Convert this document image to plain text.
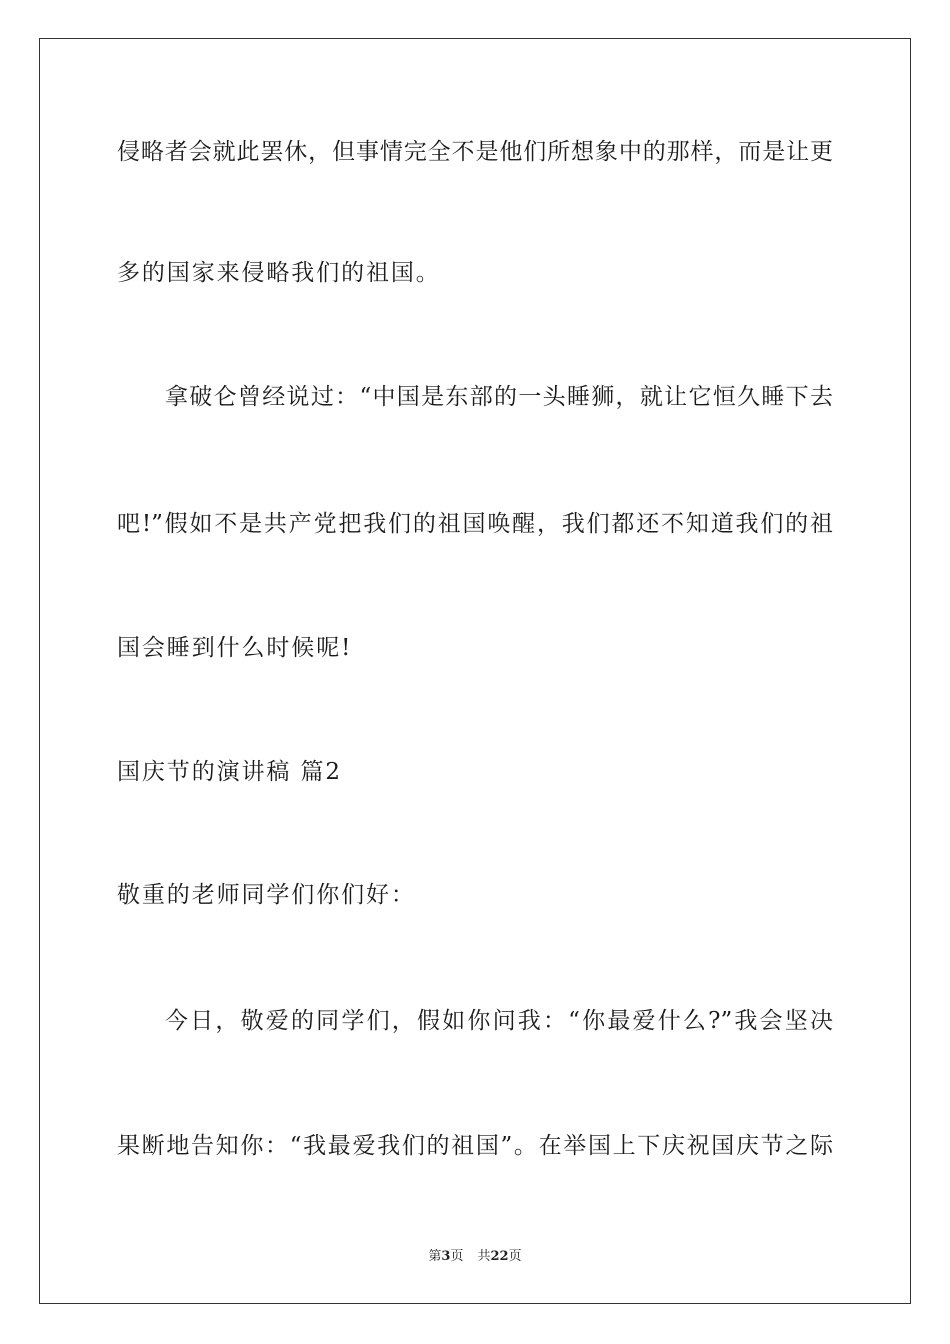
侵略者会就此罢休，但事情完全不是他们所想象中的那样，而是让更
多的国家来侵略我们的祖国。
拿破仑曾经说过：“中国是东部的一头睡狮，就让它恒久睡下去
吧!”假如不是共产党把我们的祖国唤醒，我们都还不知道我们的祖
国会睡到什么时候呢!
国庆节的演讲稿 篇2
敬重的老师同学们你们好：
今日，敬爱的同学们，假如你问我：“你最爱什么?”我会坚决
果断地告知你：“我最爱我们的祖国”。在举国上下庆祝国庆节之际
第3页 共22页
